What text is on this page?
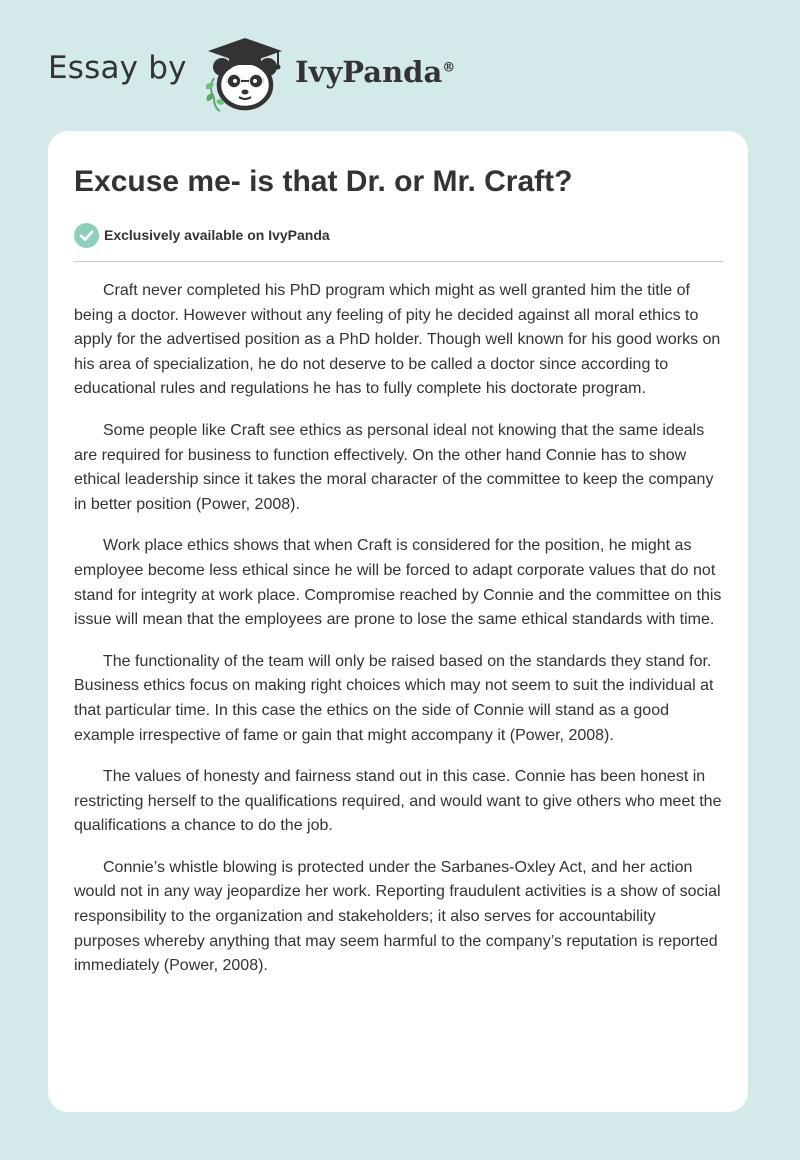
Essay by	IvyPanda®
Excuse me- is that Dr. or Mr. Craft?
Exclusively available on IvyPanda

Craft never completed his PhD program which might as well granted him the title of being a doctor. However without any feeling of pity he decided against all moral ethics to apply for the advertised position as a PhD holder. Though well known for his good works on his area of specialization, he do not deserve to be called a doctor since according to educational rules and regulations he has to fully complete his doctorate program.

Some people like Craft see ethics as personal ideal not knowing that the same ideals are required for business to function effectively. On the other hand Connie has to show ethical leadership since it takes the moral character of the committee to keep the company in better position (Power, 2008).

Work place ethics shows that when Craft is considered for the position, he might as employee become less ethical since he will be forced to adapt corporate values that do not stand for integrity at work place. Compromise reached by Connie and the committee on this issue will mean that the employees are prone to lose the same ethical standards with time.

The functionality of the team will only be raised based on the standards they stand for. Business ethics focus on making right choices which may not seem to suit the individual at that particular time. In this case the ethics on the side of Connie will stand as a good example irrespective of fame or gain that might accompany it (Power, 2008).

The values of honesty and fairness stand out in this case. Connie has been honest in restricting herself to the qualifications required, and would want to give others who meet the qualifications a chance to do the job.

Connie’s whistle blowing is protected under the Sarbanes-Oxley Act, and her action would not in any way jeopardize her work. Reporting fraudulent activities is a show of social responsibility to the organization and stakeholders; it also serves for accountability purposes whereby anything that may seem harmful to the company’s reputation is reported immediately (Power, 2008).
